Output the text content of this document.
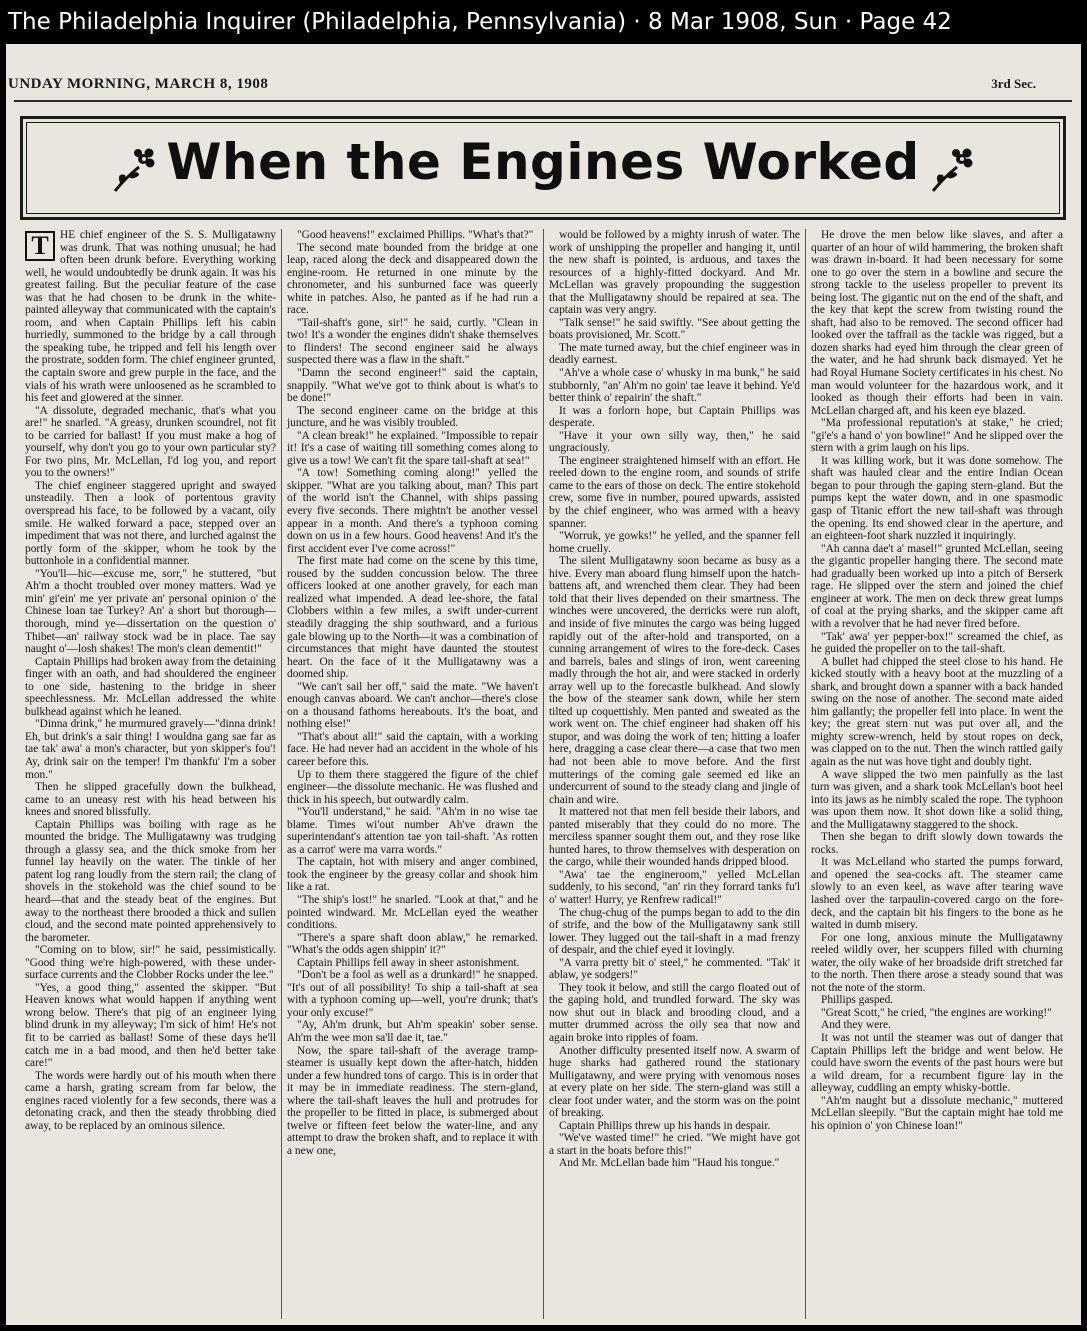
The Philadelphia Inquirer (Philadelphia, Pennsylvania) · 8 Mar 1908, Sun · Page 42
UNDAY MORNING, MARCH 8, 1908	3rd Sec.
When the Engines Worked

T HE chief engineer of the S. S. Mulligatawny was drunk. That was nothing unusual; he had often been drunk before. Everything working well, he would undoubtedly be drunk again. It was his greatest failing. But the peculiar feature of the case was that he had chosen to be drunk in the white-painted alleyway that communicated with the captain's room, and when Captain Phillips left his cabin hurriedly, summoned to the bridge by a call through the speaking tube, he tripped and fell his length over the prostrate, sodden form. The chief engineer grunted, the captain swore and grew purple in the face, and the vials of his wrath were unloosened as he scrambled to his feet and glowered at the sinner.

"A dissolute, degraded mechanic, that's what you are!" he snarled. "A greasy, drunken scoundrel, not fit to be carried for ballast! If you must make a hog of yourself, why don't you go to your own particular sty? For two pins, Mr. McLellan, I'd log you, and report you to the owners!"

The chief engineer staggered upright and swayed unsteadily. Then a look of portentous gravity overspread his face, to be followed by a vacant, oily smile. He walked forward a pace, stepped over an impediment that was not there, and lurched against the portly form of the skipper, whom he took by the buttonhole in a confidential manner.

"You'll—hic—excuse me, sorr," he stuttered, "but Ah'm a thocht troubled over money matters. Wad ye min' gi'ein' me yer private an' personal opinion o' the Chinese loan tae Turkey? An' a short but thorough—thorough, mind ye—dissertation on the question o' Thibet—an' railway stock wad be in place. Tae say naught o'—losh shakes! The mon's clean dementit!"

Captain Phillips had broken away from the detaining finger with an oath, and had shouldered the engineer to one side, hastening to the bridge in sheer speechlessness. Mr. McLellan addressed the white bulkhead against which he leaned.

"Dinna drink," he murmured gravely—"dinna drink! Eh, but drink's a sair thing! I wouldna gang sae far as tae tak' awa' a mon's character, but yon skipper's fou'! Ay, drink sair on the temper! I'm thankfu' I'm a sober mon."

Then he slipped gracefully down the bulkhead, came to an uneasy rest with his head between his knees and snored blissfully.

Captain Phillips was boiling with rage as he mounted the bridge. The Mulligatawny was trudging through a glassy sea, and the thick smoke from her funnel lay heavily on the water. The tinkle of her patent log rang loudly from the stern rail; the clang of shovels in the stokehold was the chief sound to be heard—that and the steady beat of the engines. But away to the northeast there brooded a thick and sullen cloud, and the second mate pointed apprehensively to the barometer.

"Coming on to blow, sir!" he said, pessimistically. "Good thing we're high-powered, with these under-surface currents and the Clobber Rocks under the lee."

"Yes, a good thing," assented the skipper. "But Heaven knows what would happen if anything went wrong below. There's that pig of an engineer lying blind drunk in my alleyway; I'm sick of him! He's not fit to be carried as ballast! Some of these days he'll catch me in a bad mood, and then he'd better take care!"

The words were hardly out of his mouth when there came a harsh, grating scream from far below, the engines raced violently for a few seconds, there was a detonating crack, and then the steady throbbing died away, to be replaced by an ominous silence.

"Good heavens!" exclaimed Phillips. "What's that?"

The second mate bounded from the bridge at one leap, raced along the deck and disappeared down the engine-room. He returned in one minute by the chronometer, and his sunburned face was queerly white in patches. Also, he panted as if he had run a race.

"Tail-shaft's gone, sir!" he said, curtly. "Clean in two! It's a wonder the engines didn't shake themselves to flinders! The second engineer said he always suspected there was a flaw in the shaft."

"Damn the second engineer!" said the captain, snappily. "What we've got to think about is what's to be done!"

The second engineer came on the bridge at this juncture, and he was visibly troubled.

"A clean break!" he explained. "Impossible to repair it! It's a case of waiting till something comes along to give us a tow! We can't fit the spare tail-shaft at sea!"

"A tow! Something coming along!" yelled the skipper. "What are you talking about, man? This part of the world isn't the Channel, with ships passing every five seconds. There mightn't be another vessel appear in a month. And there's a typhoon coming down on us in a few hours. Good heavens! And it's the first accident ever I've come across!"

The first mate had come on the scene by this time, roused by the sudden concussion below. The three officers looked at one another gravely, for each man realized what impended. A dead lee-shore, the fatal Clobbers within a few miles, a swift under-current steadily dragging the ship southward, and a furious gale blowing up to the North—it was a combination of circumstances that might have daunted the stoutest heart. On the face of it the Mulligatawny was a doomed ship.

"We can't sail her off," said the mate. "We haven't enough canvas aboard. We can't anchor—there's close on a thousand fathoms hereabouts. It's the boat, and nothing else!"

"That's about all!" said the captain, with a working face. He had never had an accident in the whole of his career before this.

Up to them there staggered the figure of the chief engineer—the dissolute mechanic. He was flushed and thick in his speech, but outwardly calm.

"You'll understand," he said. "Ah'm in no wise tae blame. Times wi'out number Ah've drawn the superintendant's attention tae yon tail-shaft. 'As rotten as a carrot' were ma varra words."

The captain, hot with misery and anger combined, took the engineer by the greasy collar and shook him like a rat.

"The ship's lost!" he snarled. "Look at that," and he pointed windward. Mr. McLellan eyed the weather conditions.

"There's a spare shaft doon ablaw," he remarked. "What's the odds agen shippin' it?"

Captain Phillips fell away in sheer astonishment.

"Don't be a fool as well as a drunkard!" he snapped. "It's out of all possibility! To ship a tail-shaft at sea with a typhoon coming up—well, you're drunk; that's your only excuse!"

"Ay, Ah'm drunk, but Ah'm speakin' sober sense. Ah'm the wee mon sa'll dae it, tae."

Now, the spare tail-shaft of the average tramp-steamer is usually kept down the after-hatch, hidden under a few hundred tons of cargo. This is in order that it may be in immediate readiness. The stern-gland, where the tail-shaft leaves the hull and protrudes for the propeller to be fitted in place, is submerged about twelve or fifteen feet below the water-line, and any attempt to draw the broken shaft, and to replace it with a new one,

would be followed by a mighty inrush of water. The work of unshipping the propeller and hanging it, until the new shaft is pointed, is arduous, and taxes the resources of a highly-fitted dockyard. And Mr. McLellan was gravely propounding the suggestion that the Mulligatawny should be repaired at sea. The captain was very angry.

"Talk sense!" he said swiftly. "See about getting the boats provisioned, Mr. Scott."

The mate turned away, but the chief engineer was in deadly earnest.

"Ah've a whole case o' whusky in ma bunk," he said stubbornly, "an' Ah'm no goin' tae leave it behind. Ye'd better think o' repairin' the shaft."

It was a forlorn hope, but Captain Phillips was desperate.

"Have it your own silly way, then," he said ungraciously.

The engineer straightened himself with an effort. He reeled down to the engine room, and sounds of strife came to the ears of those on deck. The entire stokehold crew, some five in number, poured upwards, assisted by the chief engineer, who was armed with a heavy spanner.

"Worruk, ye gowks!" he yelled, and the spanner fell home cruelly.

The silent Mulligatawny soon became as busy as a hive. Every man aboard flung himself upon the hatch-battens aft, and wrenched them clear. They had been told that their lives depended on their smartness. The winches were uncovered, the derricks were run aloft, and inside of five minutes the cargo was being lugged rapidly out of the after-hold and transported, on a cunning arrangement of wires to the fore-deck. Cases and barrels, bales and slings of iron, went careening madly through the hot air, and were stacked in orderly array well up to the forecastle bulkhead. And slowly the bow of the steamer sank down, while her stern tilted up coquettishly. Men panted and sweated as the work went on. The chief engineer had shaken off his stupor, and was doing the work of ten; hitting a loafer here, dragging a case clear there—a case that two men had not been able to move before. And the first mutterings of the coming gale seemed ed like an undercurrent of sound to the steady clang and jingle of chain and wire.

It mattered not that men fell beside their labors, and panted miserably that they could do no more. The merciless spanner sought them out, and they rose like hunted hares, to throw themselves with desperation on the cargo, while their wounded hands dripped blood.

"Awa' tae the engineroom," yelled McLellan suddenly, to his second, "an' rin they forrard tanks fu'l o' watter! Hurry, ye Renfrew radical!"

The chug-chug of the pumps began to add to the din of strife, and the bow of the Mulligatawny sank still lower. They lugged out the tail-shaft in a mad frenzy of despair, and the chief eyed it lovingly.

"A varra pretty bit o' steel," he commented. "Tak' it ablaw, ye sodgers!"

They took it below, and still the cargo floated out of the gaping hold, and trundled forward. The sky was now shut out in black and brooding cloud, and a mutter drummed across the oily sea that now and again broke into ripples of foam.

Another difficulty presented itself now. A swarm of huge sharks had gathered round the stationary Mulligatawny, and were prying with venomous noses at every plate on her side. The stern-gland was still a clear foot under water, and the storm was on the point of breaking.

Captain Phillips threw up his hands in despair.

"We've wasted time!" he cried. "We might have got a start in the boats before this!"

And Mr. McLellan bade him "Haud his tongue."

He drove the men below like slaves, and after a quarter of an hour of wild hammering, the broken shaft was drawn in-board. It had been necessary for some one to go over the stern in a bowline and secure the strong tackle to the useless propeller to prevent its being lost. The gigantic nut on the end of the shaft, and the key that kept the screw from twisting round the shaft, had also to be removed. The second officer had looked over the taffrail as the tackle was rigged, but a dozen sharks had eyed him through the clear green of the water, and he had shrunk back dismayed. Yet he had Royal Humane Society certificates in his chest. No man would volunteer for the hazardous work, and it looked as though their efforts had been in vain. McLellan charged aft, and his keen eye blazed.

"Ma professional reputation's at stake," he cried; "gi'e's a hand o' yon bowline!" And he slipped over the stern with a grim laugh on his lips.

It was killing work, but it was done somehow. The shaft was hauled clear and the entire Indian Ocean began to pour through the gaping stern-gland. But the pumps kept the water down, and in one spasmodic gasp of Titanic effort the new tail-shaft was through the opening. Its end showed clear in the aperture, and an eighteen-foot shark nuzzled it inquiringly.

"Ah canna dae't a' masel!" grunted McLellan, seeing the gigantic propeller hanging there. The second mate had gradually been worked up into a pitch of Berserk rage. He slipped over the stern and joined the chief engineer at work. The men on deck threw great lumps of coal at the prying sharks, and the skipper came aft with a revolver that he had never fired before.

"Tak' awa' yer pepper-box!" screamed the chief, as he guided the propeller on to the tail-shaft.

A bullet had chipped the steel close to his hand. He kicked stoutly with a heavy boot at the muzzling of a shark, and brought down a spanner with a back handed swing on the nose of another. The second mate aided him gallantly; the propeller fell into place. In went the key; the great stern nut was put over all, and the mighty screw-wrench, held by stout ropes on deck, was clapped on to the nut. Then the winch rattled gaily again as the nut was hove tight and doubly tight.

A wave slipped the two men painfully as the last turn was given, and a shark took McLellan's boot heel into its jaws as he nimbly scaled the rope. The typhoon was upon them now. It shot down like a solid thing, and the Mulligatawny staggered to the shock.

Then she began to drift slowly down towards the rocks.

It was McLelland who started the pumps forward, and opened the sea-cocks aft. The steamer came slowly to an even keel, as wave after tearing wave lashed over the tarpaulin-covered cargo on the fore-deck, and the captain bit his fingers to the bone as he waited in dumb misery.

For one long, anxious minute the Mulligatawny reeled wildly over, her scuppers filled with churning water, the oily wake of her broadside drift stretched far to the north. Then there arose a steady sound that was not the note of the storm.

Phillips gasped.

"Great Scott," he cried, "the engines are working!"

And they were.

It was not until the steamer was out of danger that Captain Phillips left the bridge and went below. He could have sworn the events of the past hours were but a wild dream, for a recumbent figure lay in the alleyway, cuddling an empty whisky-bottle.

"Ah'm naught but a dissolute mechanic," muttered McLellan sleepily. "But the captain might hae told me his opinion o' yon Chinese loan!"
